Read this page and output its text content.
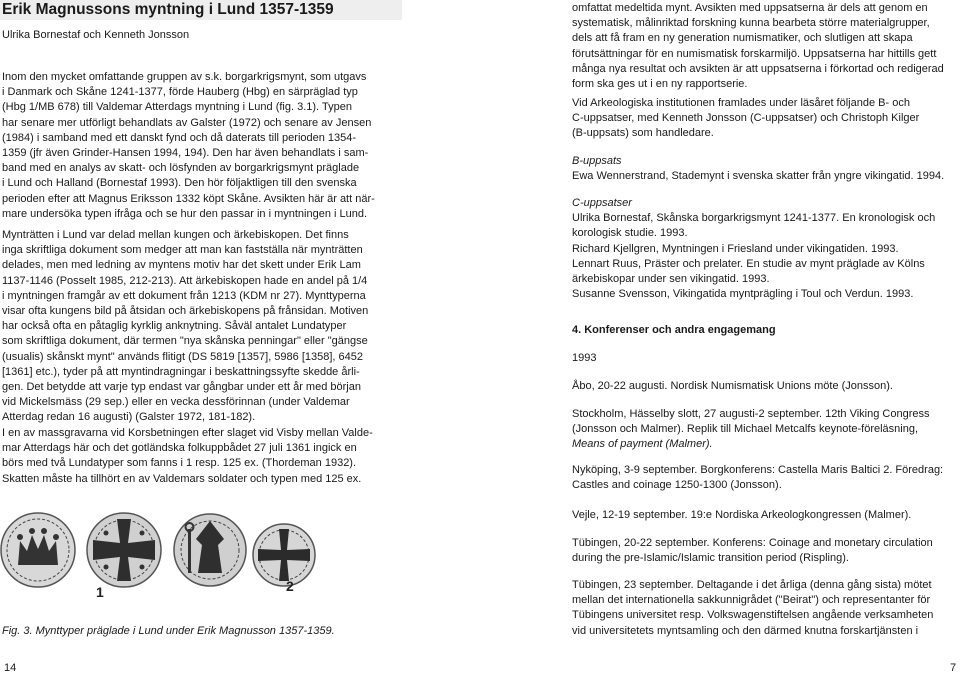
Erik Magnussons myntning i Lund 1357-1359
Ulrika Bornestaf och Kenneth Jonsson
Inom den mycket omfattande gruppen av s.k. borgarkrigsmynt, som utgavs
i Danmark och Skåne 1241-1377, förde Hauberg (Hbg) en särpräglad typ
(Hbg 1/MB 678) till Valdemar Atterdags myntning i Lund (fig. 3.1). Typen
har senare mer utförligt behandlats av Galster (1972) och senare av Jensen
(1984) i samband med ett danskt fynd och då daterats till perioden 1354-
1359 (jfr även Grinder-Hansen 1994, 194). Den har även behandlats i sam-
band med en analys av skatt- och lösfynden av borgarkrigsmynt präglade
i Lund och Halland (Bornestaf 1993). Den hör följaktligen till den svenska
perioden efter att Magnus Eriksson 1332 köpt Skåne. Avsikten här är att när-
mare undersöka typen ifråga och se hur den passar in i myntningen i Lund.
Mynträtten i Lund var delad mellan kungen och ärkebiskopen. Det finns
inga skriftliga dokument som medger att man kan fastställa när mynträtten
delades, men med ledning av myntens motiv har det skett under Erik Lam
1137-1146 (Posselt 1985, 212-213). Att ärkebiskopen hade en andel på 1/4
i myntningen framgår av ett dokument från 1213 (KDM nr 27). Mynttyperna
visar ofta kungens bild på åtsidan och ärkebiskopens på frånsidan. Motiven
har också ofta en påtaglig kyrklig anknytning. Såväl antalet Lundatyper
som skriftliga dokument, där termen "nya skånska penningar" eller "gängse
(usualis) skånskt mynt" används flitigt (DS 5819 [1357], 5986 [1358], 6452
[1361] etc.), tyder på att myntindragningar i beskattningssyfte skedde årli-
gen. Det betydde att varje typ endast var gångbar under ett år med början
vid Mickelsmäss (29 sep.) eller en vecka dessförinnan (under Valdemar
Atterdag redan 16 augusti) (Galster 1972, 181-182).
I en av massgravarna vid Korsbetningen efter slaget vid Visby mellan Valde-
mar Atterdags här och det gotländska folkuppbådet 27 juli 1361 ingick en
börs med två Lundatyper som fanns i 1 resp. 125 ex. (Thordeman 1932).
Skatten måste ha tillhört en av Valdemars soldater och typen med 125 ex.
1	2
Fig. 3. Mynttyper präglade i Lund under Erik Magnusson 1357-1359.
14
omfattat medeltida mynt. Avsikten med uppsatserna är dels att genom en
systematisk, målinriktad forskning kunna bearbeta större materialgrupper,
dels att få fram en ny generation numismatiker, och slutligen att skapa
förutsättningar för en numismatisk forskarmiljö. Uppsatserna har hittills gett
många nya resultat och avsikten är att uppsatserna i förkortad och redigerad
form ska ges ut i en ny rapportserie.
Vid Arkeologiska institutionen framlades under läsåret följande B- och
C-uppsatser, med Kenneth Jonsson (C-uppsatser) och Christoph Kilger
(B-uppsats) som handledare.
B-uppsats
Ewa Wennerstrand, Stademynt i svenska skatter från yngre vikingatid. 1994.
C-uppsatser
Ulrika Bornestaf, Skånska borgarkrigsmynt 1241-1377. En kronologisk och
korologisk studie. 1993.
Richard Kjellgren, Myntningen i Friesland under vikingatiden. 1993.
Lennart Ruus, Präster och prelater. En studie av mynt präglade av Kölns
ärkebiskopar under sen vikingatid. 1993.
Susanne Svensson, Vikingatida myntprägling i Toul och Verdun. 1993.
4. Konferenser och andra engagemang
1993
Åbo, 20-22 augusti. Nordisk Numismatisk Unions möte (Jonsson).
Stockholm, Hässelby slott, 27 augusti-2 september. 12th Viking Congress
(Jonsson och Malmer). Replik till Michael Metcalfs keynote-föreläsning,
Means of payment (Malmer).
Nyköping, 3-9 september. Borgkonferens: Castella Maris Baltici 2. Föredrag:
Castles and coinage 1250-1300 (Jonsson).
Vejle, 12-19 september. 19:e Nordiska Arkeologkongressen (Malmer).
Tübingen, 20-22 september. Konferens: Coinage and monetary circulation
during the pre-Islamic/Islamic transition period (Rispling).
Tübingen, 23 september. Deltagande i det årliga (denna gång sista) mötet
mellan det internationella sakkunnigrådet ("Beirat") och representanter för
Tübingens universitet resp. Volkswagenstiftelsen angående verksamheten
vid universitetets myntsamling och den därmed knutna forskartjänsten i
7
